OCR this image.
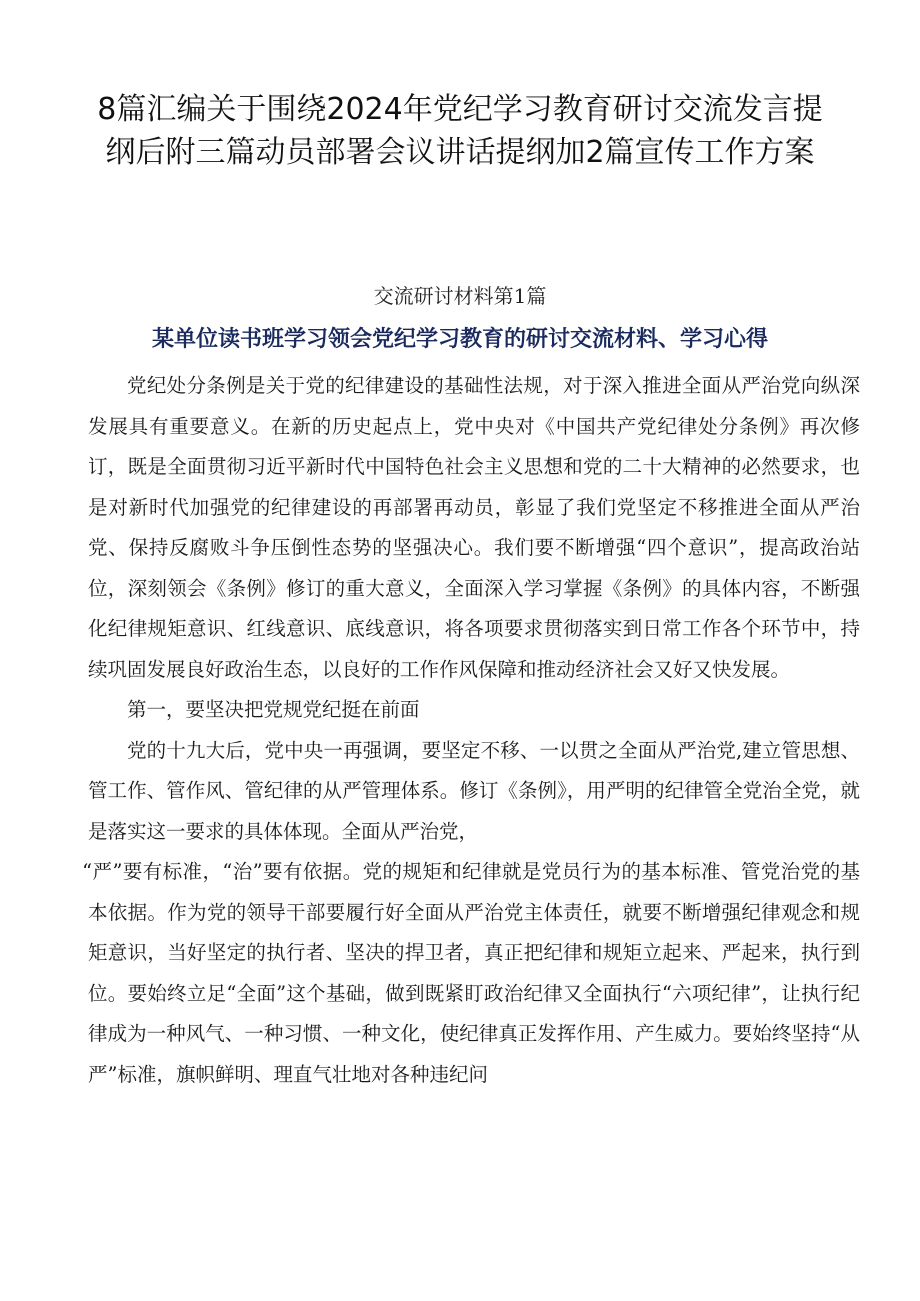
8篇汇编关于围绕2024年党纪学习教育研讨交流发言提纲后附三篇动员部署会议讲话提纲加2篇宣传工作方案
交流研讨材料第1篇
某单位读书班学习领会党纪学习教育的研讨交流材料、学习心得

党纪处分条例是关于党的纪律建设的基础性法规，对于深入推进全面从严治党向纵深发展具有重要意义。在新的历史起点上，党中央对《中国共产党纪律处分条例》再次修订，既是全面贯彻习近平新时代中国特色社会主义思想和党的二十大精神的必然要求，也是对新时代加强党的纪律建设的再部署再动员，彰显了我们党坚定不移推进全面从严治党、保持反腐败斗争压倒性态势的坚强决心。我们要不断增强“四个意识”，提高政治站位，深刻领会《条例》修订的重大意义，全面深入学习掌握《条例》的具体内容，不断强化纪律规矩意识、红线意识、底线意识，将各项要求贯彻落实到日常工作各个环节中，持续巩固发展良好政治生态，以良好的工作作风保障和推动经济社会又好又快发展。

第一，要坚决把党规党纪挺在前面

党的十九大后，党中央一再强调，要坚定不移、一以贯之全面从严治党,建立管思想、管工作、管作风、管纪律的从严管理体系。修订《条例》，用严明的纪律管全党治全党，就是落实这一要求的具体体现。全面从严治党，

“严”要有标准，“治”要有依据。党的规矩和纪律就是党员行为的基本标准、管党治党的基本依据。作为党的领导干部要履行好全面从严治党主体责任，就要不断增强纪律观念和规矩意识，当好坚定的执行者、坚决的捍卫者，真正把纪律和规矩立起来、严起来，执行到位。要始终立足“全面”这个基础，做到既紧盯政治纪律又全面执行“六项纪律”，让执行纪律成为一种风气、一种习惯、一种文化，使纪律真正发挥作用、产生威力。要始终坚持“从严”标准，旗帜鲜明、理直气壮地对各种违纪问
